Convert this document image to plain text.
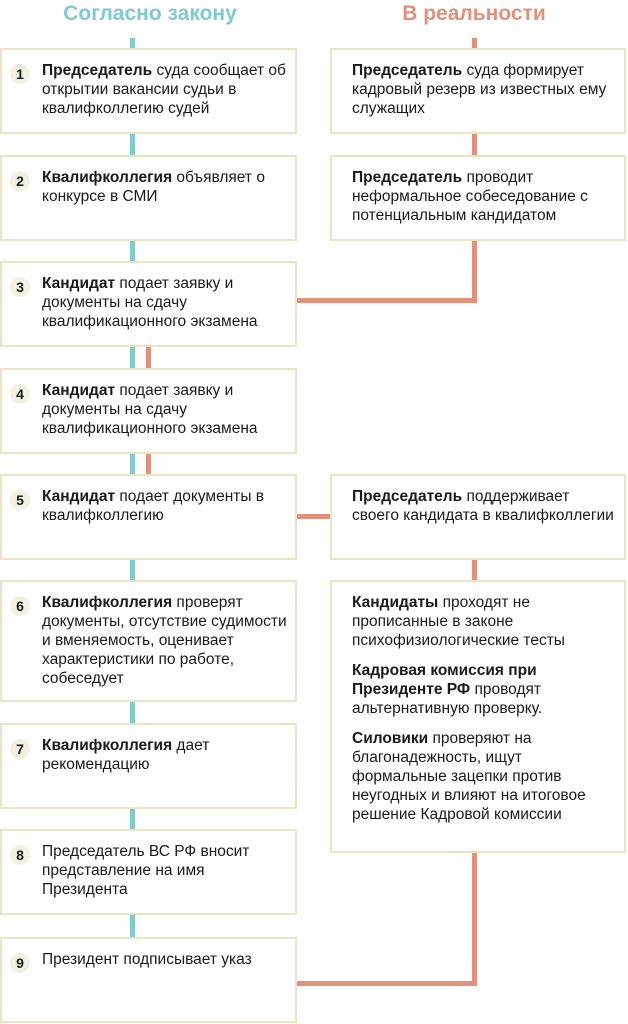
Согласно закону	В реальности
1	Председатель суда сообщает об открытии вакансии судьи в квалифколлегию судей
2	Квалифколлегия объявляет о конкурсе в СМИ
3	Кандидат подает заявку и документы на сдачу квалификационного экзамена
4	Кандидат подает заявку и документы на сдачу квалификационного экзамена
5	Кандидат подает документы в квалифколлегию
6	Квалифколлегия проверят документы, отсутствие судимости и вменяемость, оценивает характеристики по работе, собеседует
7	Квалифколлегия дает рекомендацию
8	Председатель ВС РФ вносит представление на имя Президента
9	Президент подписывает указ
Председатель суда формирует кадровый резерв из известных ему служащих
Председатель проводит неформальное собеседование с потенциальным кандидатом
Председатель поддерживает своего кандидата в квалифколлегии

Кандидаты проходят не прописанные в законе психофизиологические тесты

Кадровая комиссия при Президенте РФ проводят альтернативную проверку.

Силовики проверяют на благонадежность, ищут формальные зацепки против неугодных и влияют на итоговое решение Кадровой комиссии
